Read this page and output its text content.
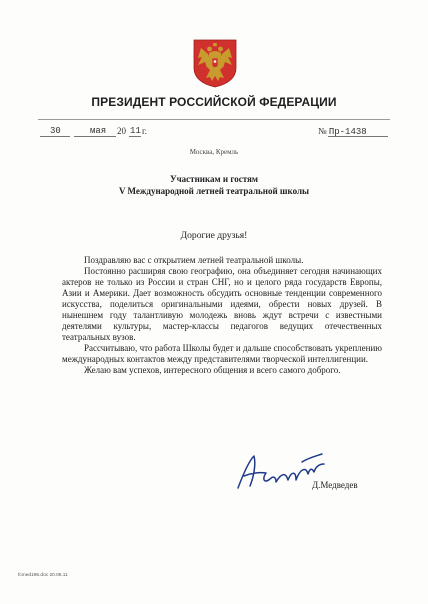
ПРЕЗИДЕНТ РОССИЙСКОЙ ФЕДЕРАЦИИ
30	мая 20 11 г.	№ Пр-1438
Москва, Кремль
Участникам и гостям
V Международной летней театральной школы
Дорогие друзья!

Поздравляю вас с открытием летней театральной школы.

Постоянно расширяя свою географию, она объединяет сегодня начинающих актеров не только из России и стран СНГ, но и целого ряда государств Европы, Азии и Америки. Дает возможность обсудить основные тенденции современного искусства, поделиться оригинальными идеями, обрести новых друзей. В нынешнем году талантливую молодежь вновь ждут встречи с известными деятелями культуры, мастер-классы педагогов ведущих отечественных театральных вузов.

Рассчитываю, что работа Школы будет и дальше способствовать укреплению международных контактов между представителями творческой интеллигенции.

Желаю вам успехов, интересного общения и всего самого доброго.

Д.Медведев
fcmed196.doc 20.05.11
